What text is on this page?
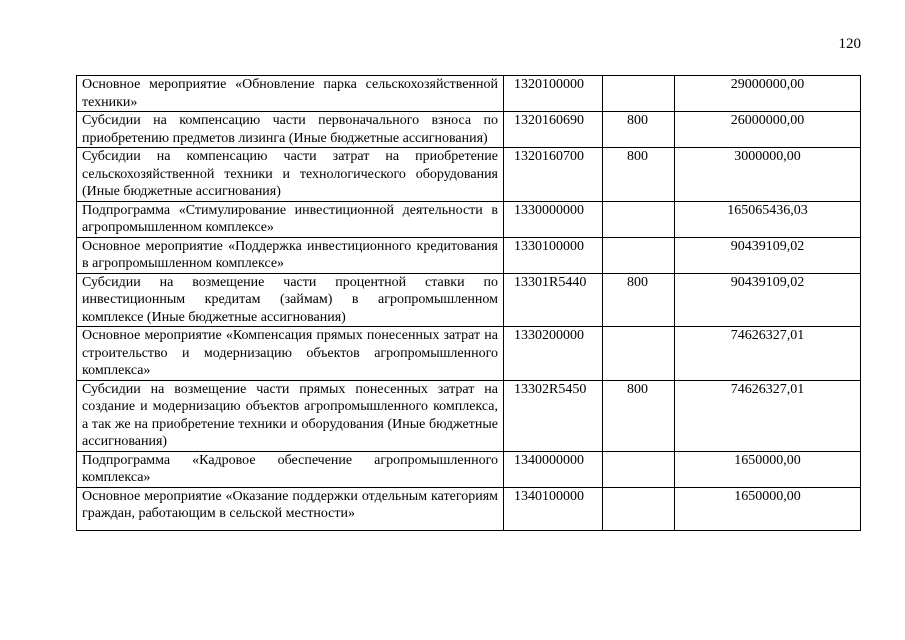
120
Основное мероприятие «Обновление парка сельскохозяйственной техники»	1320100000		29000000,00
Субсидии на компенсацию части первоначального взноса по приобретению предметов лизинга (Иные бюджетные ассигнования)	1320160690	800	26000000,00
Субсидии на компенсацию части затрат на приобретение сельскохозяйственной техники и технологического оборудования (Иные бюджетные ассигнования)	1320160700	800	3000000,00
Подпрограмма «Стимулирование инвестиционной деятельности в агропромышленном комплексе»	1330000000		165065436,03
Основное мероприятие «Поддержка инвестиционного кредитования в агропромышленном комплексе»	1330100000		90439109,02
Субсидии на возмещение части процентной ставки по инвестиционным кредитам (займам) в агропромышленном комплексе (Иные бюджетные ассигнования)	13301R5440	800	90439109,02
Основное мероприятие «Компенсация прямых понесенных затрат на строительство и модернизацию объектов агропромышленного комплекса»	1330200000		74626327,01
Субсидии на возмещение части прямых понесенных затрат на создание и модернизацию объектов агропромышленного комплекса, а так же на приобретение техники и оборудования (Иные бюджетные ассигнования)	13302R5450	800	74626327,01
Подпрограмма «Кадровое обеспечение агропромышленного комплекса»	1340000000		1650000,00
Основное мероприятие «Оказание поддержки отдельным категориям граждан, работающим в сельской местности»	1340100000		1650000,00
